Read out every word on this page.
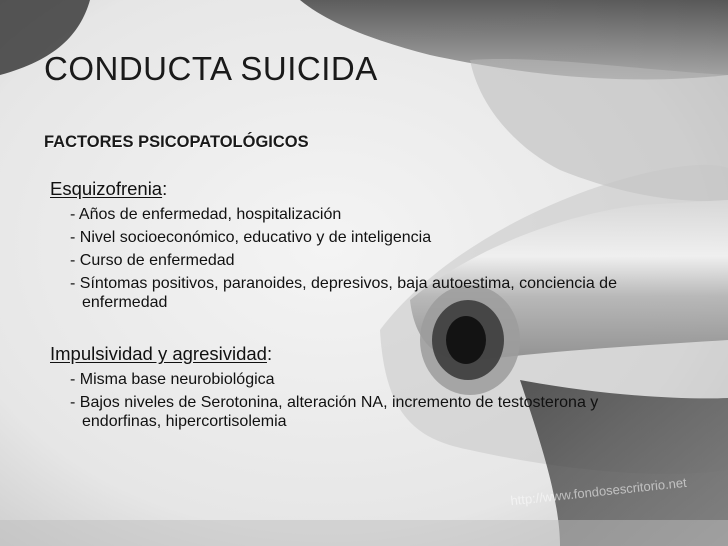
CONDUCTA SUICIDA
FACTORES PSICOPATOLÓGICOS
Esquizofrenia:
- Años de enfermedad, hospitalización
- Nivel socioeconómico, educativo y de inteligencia
- Curso de enfermedad
- Síntomas positivos, paranoides, depresivos, baja autoestima, conciencia de enfermedad
Impulsividad y agresividad:
- Misma base neurobiológica
- Bajos niveles de Serotonina, alteración NA, incremento de testosterona y endorfinas, hipercortisolemia
http://www.fondosescritorio.net
